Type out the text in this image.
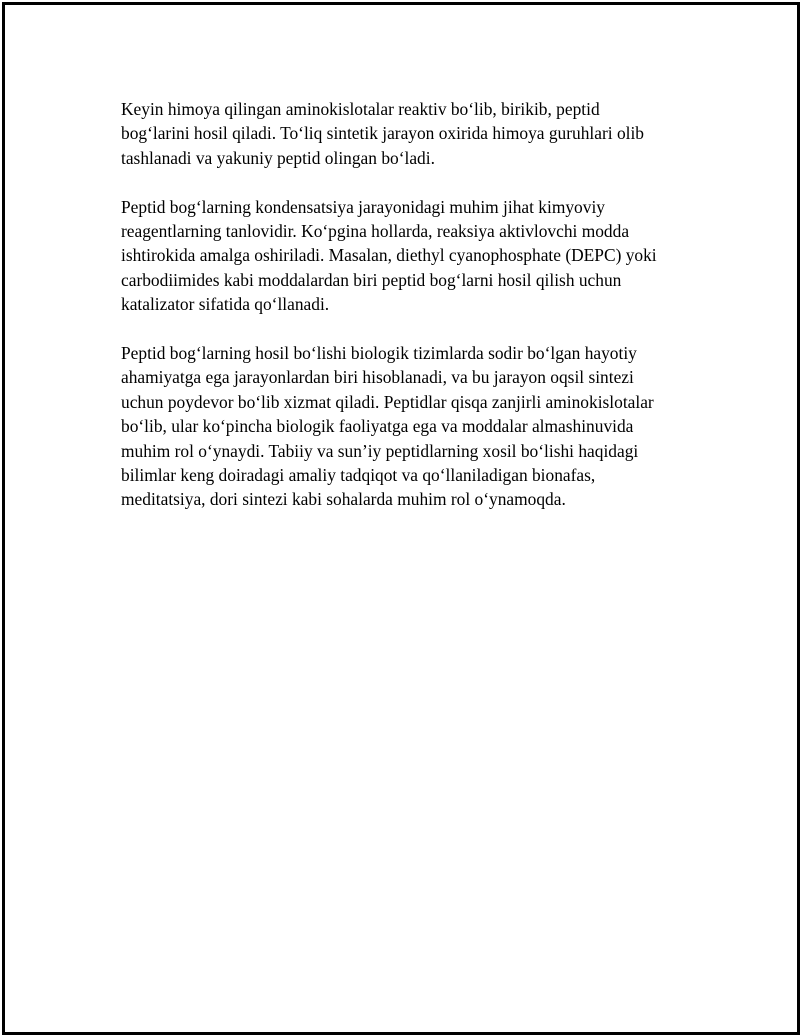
Keyin himoya qilingan aminokislotalar reaktiv bo‘lib, birikib, peptid
bog‘larini hosil qiladi. To‘liq sintetik jarayon oxirida himoya guruhlari olib
tashlanadi va yakuniy peptid olingan bo‘ladi.

Peptid bog‘larning kondensatsiya jarayonidagi muhim jihat kimyoviy
reagentlarning tanlovidir. Ko‘pgina hollarda, reaksiya aktivlovchi modda
ishtirokida amalga oshiriladi. Masalan, diethyl cyanophosphate (DEPC) yoki
carbodiimides kabi moddalardan biri peptid bog‘larni hosil qilish uchun
katalizator sifatida qo‘llanadi.

Peptid bog‘larning hosil bo‘lishi biologik tizimlarda sodir bo‘lgan hayotiy
ahamiyatga ega jarayonlardan biri hisoblanadi, va bu jarayon oqsil sintezi
uchun poydevor bo‘lib xizmat qiladi. Peptidlar qisqa zanjirli aminokislotalar
bo‘lib, ular ko‘pincha biologik faoliyatga ega va moddalar almashinuvida
muhim rol o‘ynaydi. Tabiiy va sun’iy peptidlarning xosil bo‘lishi haqidagi
bilimlar keng doiradagi amaliy tadqiqot va qo‘llaniladigan bionafas,
meditatsiya, dori sintezi kabi sohalarda muhim rol o‘ynamoqda.
